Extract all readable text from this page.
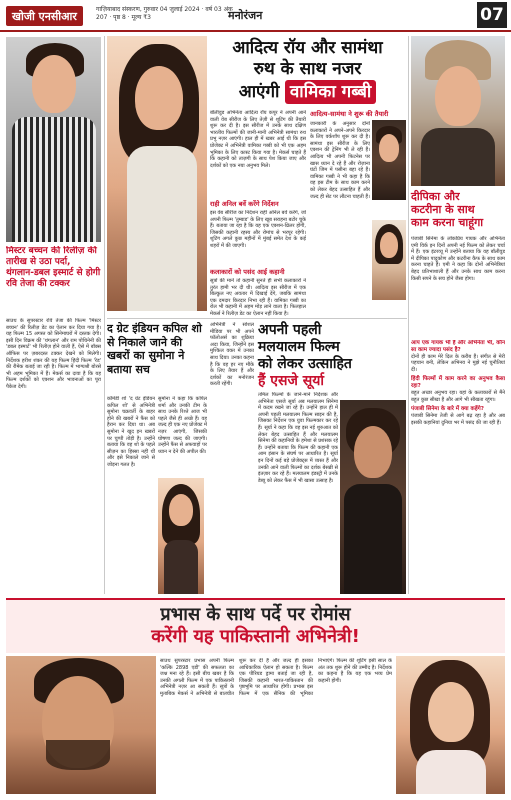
खोजी एनसीआर
गाज़ियाबाद संस्करण, गुरुवार 04 जुलाई 2024 · वर्ष 03 अंक 207 · पृष्ठ 8 · मूल्य ₹3	मनोरंजन	07
मिस्टर बच्चन की रिलीज़ की तारीख से उठा पर्दा, थंगलान-डबल इस्मार्ट से होगी रवि तेजा की टक्कर
साउथ के सुपरस्टार रवि तेजा की फिल्म 'मिस्टर बच्चन' की रिलीज़ डेट का ऐलान कर दिया गया है। यह फिल्म 15 अगस्त को सिनेमाघरों में दस्तक देगी। इसी दिन विक्रम की 'थंगलान' और राम पोथिनेनी की 'डबल इस्मार्ट' भी रिलीज़ होने वाली हैं, ऐसे में बॉक्स ऑफिस पर ज़बरदस्त टक्कर देखने को मिलेगी। निर्देशक हरीश शंकर की यह फिल्म हिंदी फिल्म 'रेड' की रीमेक बताई जा रही है। फिल्म में भाग्यश्री बोरसे भी अहम भूमिका में हैं। मेकर्स का दावा है कि यह फिल्म दर्शकों को एक्शन और भावनाओं का पूरा पैकेज देगी।
आदित्य रॉय और सामंथा
रुथ के साथ नजर
आएंगी वामिका गब्बी
बॉलीवुड अभिनेता आदित्य रॉय कपूर ने अपनी आने वाली वेब सीरीज के लिए तेज़ी से शूटिंग की तैयारी शुरू कर दी है। इस सीरीज में उनके साथ दक्षिण भारतीय फिल्मों की जानी-मानी अभिनेत्री सामंथा रुथ प्रभु नज़र आएंगी। हाल ही में खबर आई थी कि इस प्रोजेक्ट में अभिनेत्री वामिका गब्बी को भी एक अहम भूमिका के लिए कास्ट किया गया है। मेकर्स चाहते हैं कि कहानी को ताज़गी के साथ पेश किया जाए और दर्शकों को एक नया अनुभव मिले।
राही अनिल बर्वे करेंगे निर्देशन
इस वेब सीरीज का निर्देशन राही अनिल बर्वे करेंगे, जो अपनी फिल्म 'तुम्बाड' के लिए खूब सराहना बटोर चुके हैं। बताया जा रहा है कि यह एक एक्शन-थ्रिलर होगी, जिसकी कहानी रहस्य और रोमांच से भरपूर रहेगी। शूटिंग अगले कुछ महीनों में मुंबई समेत देश के कई शहरों में की जाएगी।
कलाकारों को पसंद आई कहानी
सूत्रों की मानें तो कहानी सुनते ही सभी कलाकारों ने तुरंत हामी भर दी थी। आदित्य इस सीरीज में एक बिल्कुल नए अवतार में दिखाई देंगे, जबकि सामंथा एक दमदार किरदार निभा रही हैं। वामिका गब्बी का रोल भी कहानी में अहम मोड़ लाने वाला है। फिलहाल मेकर्स ने रिलीज़ डेट का ऐलान नहीं किया है।
आदित्य-सामंथा ने शुरू की तैयारी
जानकारी के अनुसार दोनों कलाकारों ने अपने-अपने किरदार के लिए वर्कशॉप शुरू कर दी है। सामंथा इस सीरीज के लिए एक्शन की ट्रेनिंग भी ले रही हैं। आदित्य भी अपनी फिटनेस पर खास ध्यान दे रहे हैं और रोज़ाना घंटों जिम में पसीना बहा रहे हैं। वामिका गब्बी ने भी कहा है कि वह इस टीम के साथ काम करने को लेकर बेहद उत्साहित हैं और जल्द ही सेट पर लौटना चाहती हैं।	दीपिका और
कटरीना के साथ
काम करना चाहूंगा
पंजाबी सिनेमा के लोकप्रिय गायक और अभिनेता एमी विर्क इन दिनों अपनी नई फिल्म को लेकर चर्चा में हैं। एक इंटरव्यू में उन्होंने बताया कि वह बॉलीवुड में दीपिका पादुकोण और कटरीना कैफ के साथ काम करना चाहते हैं। एमी ने कहा कि दोनों अभिनेत्रियां बेहद प्रतिभाशाली हैं और उनके साथ काम करना किसी सपने के सच होने जैसा होगा।
आप एक गायक भी हैं और अभिनेता भी, कौन सा काम ज्यादा पसंद है?
दोनों ही काम मेरे दिल के करीब हैं। संगीत से मेरी पहचान बनी, लेकिन अभिनय ने मुझे नई चुनौतियां दीं।
हिंदी फिल्मों में काम करने का अनुभव कैसा रहा?
बहुत अच्छा अनुभव रहा। यहां के कलाकारों से मैंने बहुत कुछ सीखा है और आगे भी सीखता रहूंगा।
पंजाबी सिनेमा के बारे में क्या कहेंगे?
पंजाबी सिनेमा तेजी से आगे बढ़ रहा है और अब इसकी कहानियां दुनिया भर में पसंद की जा रही हैं।
द ग्रेट इंडियन कपिल शो से निकाले जाने की खबरों का सुमोना ने बताया सच
कॉमेडी शो 'द ग्रेट इंडियन कपिल शो' से अभिनेत्री सुमोना चक्रवर्ती के बाहर होने की खबरों ने फैंस को हैरान कर दिया था। अब सुमोना ने खुद इन खबरों पर चुप्पी तोड़ी है। उन्होंने बताया कि वह शो के पहले सीज़न का हिस्सा नहीं थीं और इसे निकाले जाने से जोड़ना गलत है।
सुमोना ने कहा कि कपिल शर्मा और उनकी टीम के साथ उनके रिश्ते आज भी पहले जैसे ही अच्छे हैं। वह जल्द ही एक नए प्रोजेक्ट में नज़र आएंगी, जिसकी घोषणा जल्द की जाएगी। उन्होंने फैंस से अफवाहों पर ध्यान न देने की अपील की।
अभिनेत्री ने सोशल मीडिया पर भी अपने फॉलोअर्स का शुक्रिया अदा किया, जिन्होंने इस मुश्किल वक्त में उनका साथ दिया। उनका कहना है कि वह हर नए मौके के लिए तैयार हैं और दर्शकों का मनोरंजन करती रहेंगी।
अपनी पहली
मलयालम फिल्म
को लेकर उत्साहित
हैं एसजे सूर्या
तमिल फिल्मों के जाने-माने निर्देशक और अभिनेता एसजे सूर्या अब मलयालम सिनेमा में कदम रखने जा रहे हैं। उन्होंने हाल ही में अपनी पहली मलयालम फिल्म साइन की है, जिसका निर्देशन एक युवा फिल्मकार कर रहे हैं। सूर्या ने कहा कि वह इस नई शुरुआत को लेकर बेहद उत्साहित हैं और मलयालम सिनेमा की कहानियों के हमेशा से प्रशंसक रहे हैं। उन्होंने बताया कि फिल्म की कहानी एक आम इंसान के संघर्ष पर आधारित है। सूर्या इन दिनों कई बड़े प्रोजेक्ट्स में व्यस्त हैं और उनकी आने वाली फिल्मों का दर्शक बेसब्री से इंतज़ार कर रहे हैं। मलयालम इंडस्ट्री में उनके डेब्यू को लेकर फैंस में भी खासा उत्साह है।
प्रभास के साथ पर्दे पर रोमांस
करेंगी यह पाकिस्तानी अभिनेत्री!
साउथ सुपरस्टार प्रभास अपनी फिल्म 'कल्कि 2898 एडी' की सफलता का जश्न मना रहे हैं। इसी बीच खबर है कि उनकी अगली फिल्म में एक पाकिस्तानी अभिनेत्री नज़र आ सकती हैं। सूत्रों के मुताबिक मेकर्स ने अभिनेत्री से बातचीत शुरू कर दी है और जल्द ही इसका आधिकारिक ऐलान हो सकता है। फिल्म एक पीरियड ड्रामा बताई जा रही है, जिसकी कहानी भारत-पाकिस्तान की पृष्ठभूमि पर आधारित होगी। प्रभास इस फिल्म में एक सैनिक की भूमिका निभाएंगे। फिल्म की शूटिंग इसी साल के अंत तक शुरू होने की उम्मीद है। निर्देशक का कहना है कि यह एक भव्य प्रेम कहानी होगी।
